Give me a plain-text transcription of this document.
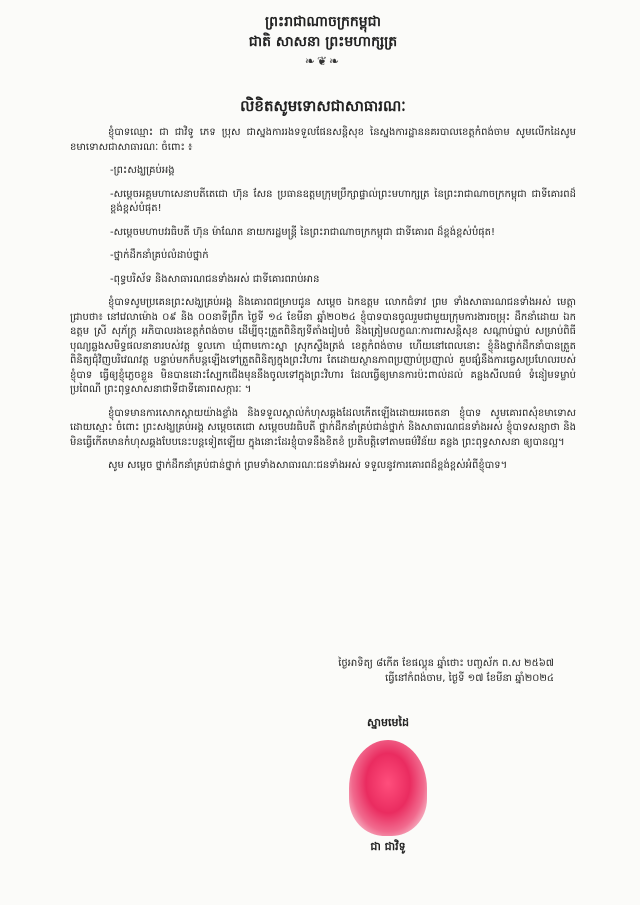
ព្រះរាជាណាចក្រកម្ពុជា
ជាតិ សាសនា ព្រះមហាក្សត្រ
❧❦❧
លិខិតសូមទោសជាសាធារណៈ

ខ្ញុំបាទឈ្មោះ ជា ជាវិទូ ភេទ ប្រុស ជាស្នងការរងទទួលផែនសន្តិសុខ នៃស្នងការដ្ឋាននគរបាលខេត្តកំពង់ចាម សូមលើកដៃសូមខមាទោសជាសាធារណៈ ចំពោះ ៖

-ព្រះសង្ឃគ្រប់អង្គ

-សម្តេចអគ្គមហាសេនាបតីតេជោ ហ៊ុន សែន ប្រធានឧត្តមក្រុមប្រឹក្សាផ្ទាល់ព្រះមហាក្សត្រ នៃព្រះរាជាណាចក្រកម្ពុជា ជាទីគោរពដ៏ខ្ពង់ខ្ពស់បំផុត!

-សម្តេចមហាបវរធិបតី ហ៊ុន ម៉ាណែត នាយករដ្ឋមន្ត្រី នៃព្រះរាជាណាចក្រកម្ពុជា ជាទីគោរព ដ៏ខ្ពង់ខ្ពស់បំផុត!

-ថ្នាក់ដឹកនាំគ្រប់លំដាប់ថ្នាក់

-ពុទ្ធបរិស័ទ និងសាធារណជនទាំងអស់ ជាទីគោរពរាប់អាន

ខ្ញុំបាទសូមប្រគេនព្រះសង្ឃគ្រប់អង្គ និងគោរពជម្រាបជូន សម្តេច ឯកឧត្តម លោកជំទាវ ព្រម ទាំងសាធារណជនទាំងអស់ មេត្តាជ្រាបថា៖ នៅវេលាម៉ោង ០៩ និង ០០នាទីព្រឹក ថ្ងៃទី ១៤ ខែមីនា ឆ្នាំ២០២៤ ខ្ញុំបាទបានចូលរួមជាមួយក្រុមការងារចម្រុះ ដឹកនាំដោយ ឯកឧត្តម ស្រី សុភ័ក្ត្រ អភិបាលរងខេត្តកំពង់ចាម ដើម្បីចុះត្រួតពិនិត្យទីតាំងរៀបចំ និងត្រៀមលក្ខណៈការពារសន្តិសុខ សណ្តាប់ធ្នាប់ សម្រាប់ពិធីបុណ្យឆ្លងសមិទ្ធផលនានារបស់វត្ត ទួលកោ ឃុំពាមកោះស្នា ស្រុកស្ទឹងត្រង់ ខេត្តកំពង់ចាម ហើយនៅពេលនោះ ខ្ញុំនិងថ្នាក់ដឹកនាំបានត្រួតពិនិត្យជុំវិញបរិវេណវត្ត បន្ទាប់មកក៏បន្តឡើងទៅត្រួតពិនិត្យក្នុងព្រះវិហារ តែដោយស្ថានភាពប្រញាប់ប្រញាល់ គួបផ្សំនឹងការធ្វេសប្រហែលរបស់ខ្ញុំបាទ ធ្វើឲ្យខ្ញុំភ្លេចខ្លួន មិនបានដោះស្បែកជើងមុននឹងចូលទៅក្នុងព្រះវិហារ ដែលធ្វើឲ្យមានការប៉ះពាល់ដល់ គន្លងសីលធម៌ ទំនៀមទម្លាប់ ប្រពៃណី ព្រះពុទ្ធសាសនាជាទីជាទីគោរពសក្ការៈ ។

ខ្ញុំបាទមានការសោកស្តាយយ៉ាងខ្លាំង និងទទួលស្គាល់កំហុសឆ្គងដែលកើតឡើងដោយអចេតនា ខ្ញុំបាទ សូមគោរពសុំខមាទោសដោយស្មោះ ចំពោះ ព្រះសង្ឃគ្រប់អង្គ សម្តេចតេជោ សម្តេចបវរធិបតី ថ្នាក់ដឹកនាំគ្រប់ជាន់ថ្នាក់ និងសាធារណជនទាំងអស់ ខ្ញុំបាទសន្យាថា និងមិនធ្វើកើតមានកំហុសឆ្គងបែបនេះបន្តទៀតឡើយ ក្នុងនោះដែរខ្ញុំបាទនឹងខិតខំ ប្រតិបត្តិទៅតាមធម៌វិន័យ គន្លង ព្រះពុទ្ធសាសនា ឲ្យបានល្អ។

សូម សម្តេច ថ្នាក់ដឹកនាំគ្រប់ជាន់ថ្នាក់ ព្រមទាំងសាធារណៈជនទាំងអស់ ទទួលនូវការគោរពដ៏ខ្ពង់ខ្ពស់អំពីខ្ញុំបាទ។

ថ្ងៃអាទិត្យ ៨កើត ខែផល្គុន ឆ្នាំថោះ បញ្ចស័ក ព.ស ២៥៦៧
ធ្វើនៅកំពង់ចាម, ថ្ងៃទី ១៧ ខែមីនា ឆ្នាំ២០២៤
ស្នាមមេដៃ
ជា ជាវិទូ
